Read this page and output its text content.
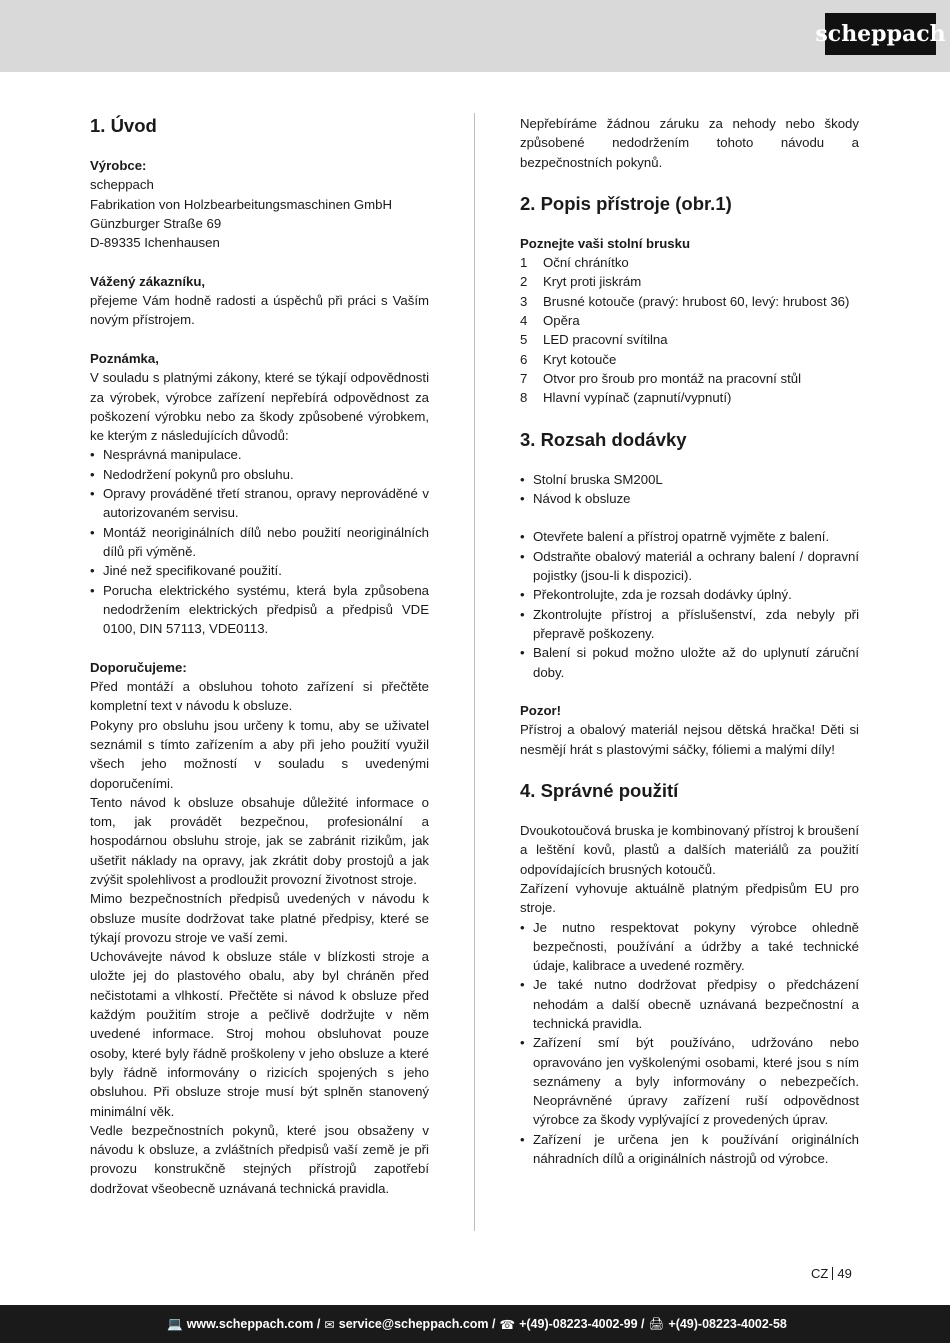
scheppach
1. Úvod
Výrobce:
scheppach
Fabrikation von Holzbearbeitungsmaschinen GmbH
Günzburger Straße 69
D-89335 Ichenhausen
Vážený zákazníku,

přejeme Vám hodně radosti a úspěchů při práci s Vaším novým přístrojem.

Poznámka,

V souladu s platnými zákony, které se týkají odpovědnosti za výrobek, výrobce zařízení nepřebírá odpovědnost za poškození výrobku nebo za škody způsobené výrobkem, ke kterým z následujících důvodů:

• Nesprávná manipulace.
• Nedodržení pokynů pro obsluhu.
• Opravy prováděné třetí stranou, opravy neprováděné v autorizovaném servisu.
• Montáž neoriginálních dílů nebo použití neoriginálních dílů při výměně.
• Jiné než specifikované použití.
• Porucha elektrického systému, která byla způsobena nedodržením elektrických předpisů a předpisů VDE 0100, DIN 57113, VDE0113.
Doporučujeme:

Před montáží a obsluhou tohoto zařízení si přečtěte kompletní text v návodu k obsluze.

Pokyny pro obsluhu jsou určeny k tomu, aby se uživatel seznámil s tímto zařízením a aby při jeho použití využil všech jeho možností v souladu s uvedenými doporučeními.

Tento návod k obsluze obsahuje důležité informace o tom, jak provádět bezpečnou, profesionální a hospodárnou obsluhu stroje, jak se zabránit rizikům, jak ušetřit náklady na opravy, jak zkrátit doby prostojů a jak zvýšit spolehlivost a prodloužit provozní životnost stroje.

Mimo bezpečnostních předpisů uvedených v návodu k obsluze musíte dodržovat take platné předpisy, které se týkají provozu stroje ve vaší zemi.

Uchovávejte návod k obsluze stále v blízkosti stroje a uložte jej do plastového obalu, aby byl chráněn před nečistotami a vlhkostí. Přečtěte si návod k obsluze před každým použitím stroje a pečlivě dodržujte v něm uvedené informace. Stroj mohou obsluhovat pouze osoby, které byly řádně proškoleny v jeho obsluze a které byly řádně informovány o rizicích spojených s jeho obsluhou. Při obsluze stroje musí být splněn stanovený minimální věk.

Vedle bezpečnostních pokynů, které jsou obsaženy v návodu k obsluze, a zvláštních předpisů vaší země je při provozu konstrukčně stejných přístrojů zapotřebí dodržovat všeobecně uznávaná technická pravidla.

Nepřebíráme žádnou záruku za nehody nebo škody způsobené nedodržením tohoto návodu a bezpečnostních pokynů.

2. Popis přístroje (obr.1)
Poznejte vaši stolní brusku
1 Oční chránítko
2 Kryt proti jiskrám
3 Brusné kotouče (pravý: hrubost 60, levý: hrubost 36)
4 Opěra
5 LED pracovní svítilna
6 Kryt kotouče
7 Otvor pro šroub pro montáž na pracovní stůl
8 Hlavní vypínač (zapnutí/vypnutí)
3. Rozsah dodávky
• Stolní bruska SM200L
• Návod k obsluze
• Otevřete balení a přístroj opatrně vyjměte z balení.
• Odstraňte obalový materiál a ochrany balení / dopravní pojistky (jsou-li k dispozici).
• Překontrolujte, zda je rozsah dodávky úplný.
• Zkontrolujte přístroj a příslušenství, zda nebyly při přepravě poškozeny.
• Balení si pokud možno uložte až do uplynutí záruční doby.
Pozor!

Přístroj a obalový materiál nejsou dětská hračka! Děti si nesmějí hrát s plastovými sáčky, fóliemi a malými díly!

4. Správné použití

Dvoukotoučová bruska je kombinovaný přístroj k broušení a leštění kovů, plastů a dalších materiálů za použití odpovídajících brusných kotoučů.

Zařízení vyhovuje aktuálně platným předpisům EU pro stroje.

• Je nutno respektovat pokyny výrobce ohledně bezpečnosti, používání a údržby a také technické údaje, kalibrace a uvedené rozměry.
• Je také nutno dodržovat předpisy o předcházení nehodám a další obecně uznávaná bezpečnostní a technická pravidla.
• Zařízení smí být používáno, udržováno nebo opravováno jen vyškolenými osobami, které jsou s ním seznámeny a byly informovány o nebezpečích. Neoprávněné úpravy zařízení ruší odpovědnost výrobce za škody vyplývající z provedených úprav.
• Zařízení je určena jen k používání originálních náhradních dílů a originálních nástrojů od výrobce.
CZ 49
💻 www.scheppach.com / ✉ service@scheppach.com / ☎ +(49)-08223-4002-99 / 🖨 +(49)-08223-4002-58
